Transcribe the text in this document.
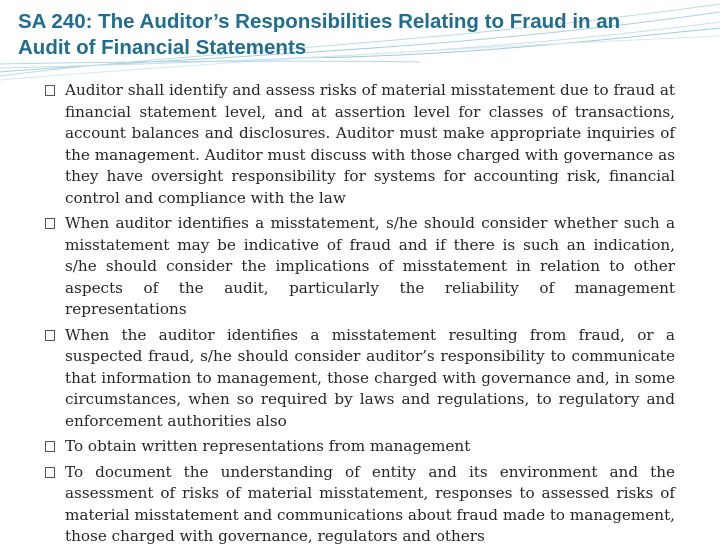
SA 240: The Auditor’s Responsibilities Relating to Fraud in an Audit of Financial Statements
Auditor shall identify and assess risks of material misstatement due to fraud at financial statement level, and at assertion level for classes of transactions, account balances and disclosures. Auditor must make appropriate inquiries of the management. Auditor must discuss with those charged with governance as they have oversight responsibility for systems for accounting risk, financial control and compliance with the law
When auditor identifies a misstatement, s/he should consider whether such a misstatement may be indicative of fraud and if there is such an indication, s/he should consider the implications of misstatement in relation to other aspects of the audit, particularly the reliability of management representations
When the auditor identifies a misstatement resulting from fraud, or a suspected fraud, s/he should consider auditor’s responsibility to communicate that information to management, those charged with governance and, in some circumstances, when so required by laws and regulations, to regulatory and enforcement authorities also
To obtain written representations from management
To document the understanding of entity and its environment and the assessment of risks of material misstatement, responses to assessed risks of material misstatement and communications about fraud made to management, those charged with governance, regulators and others
